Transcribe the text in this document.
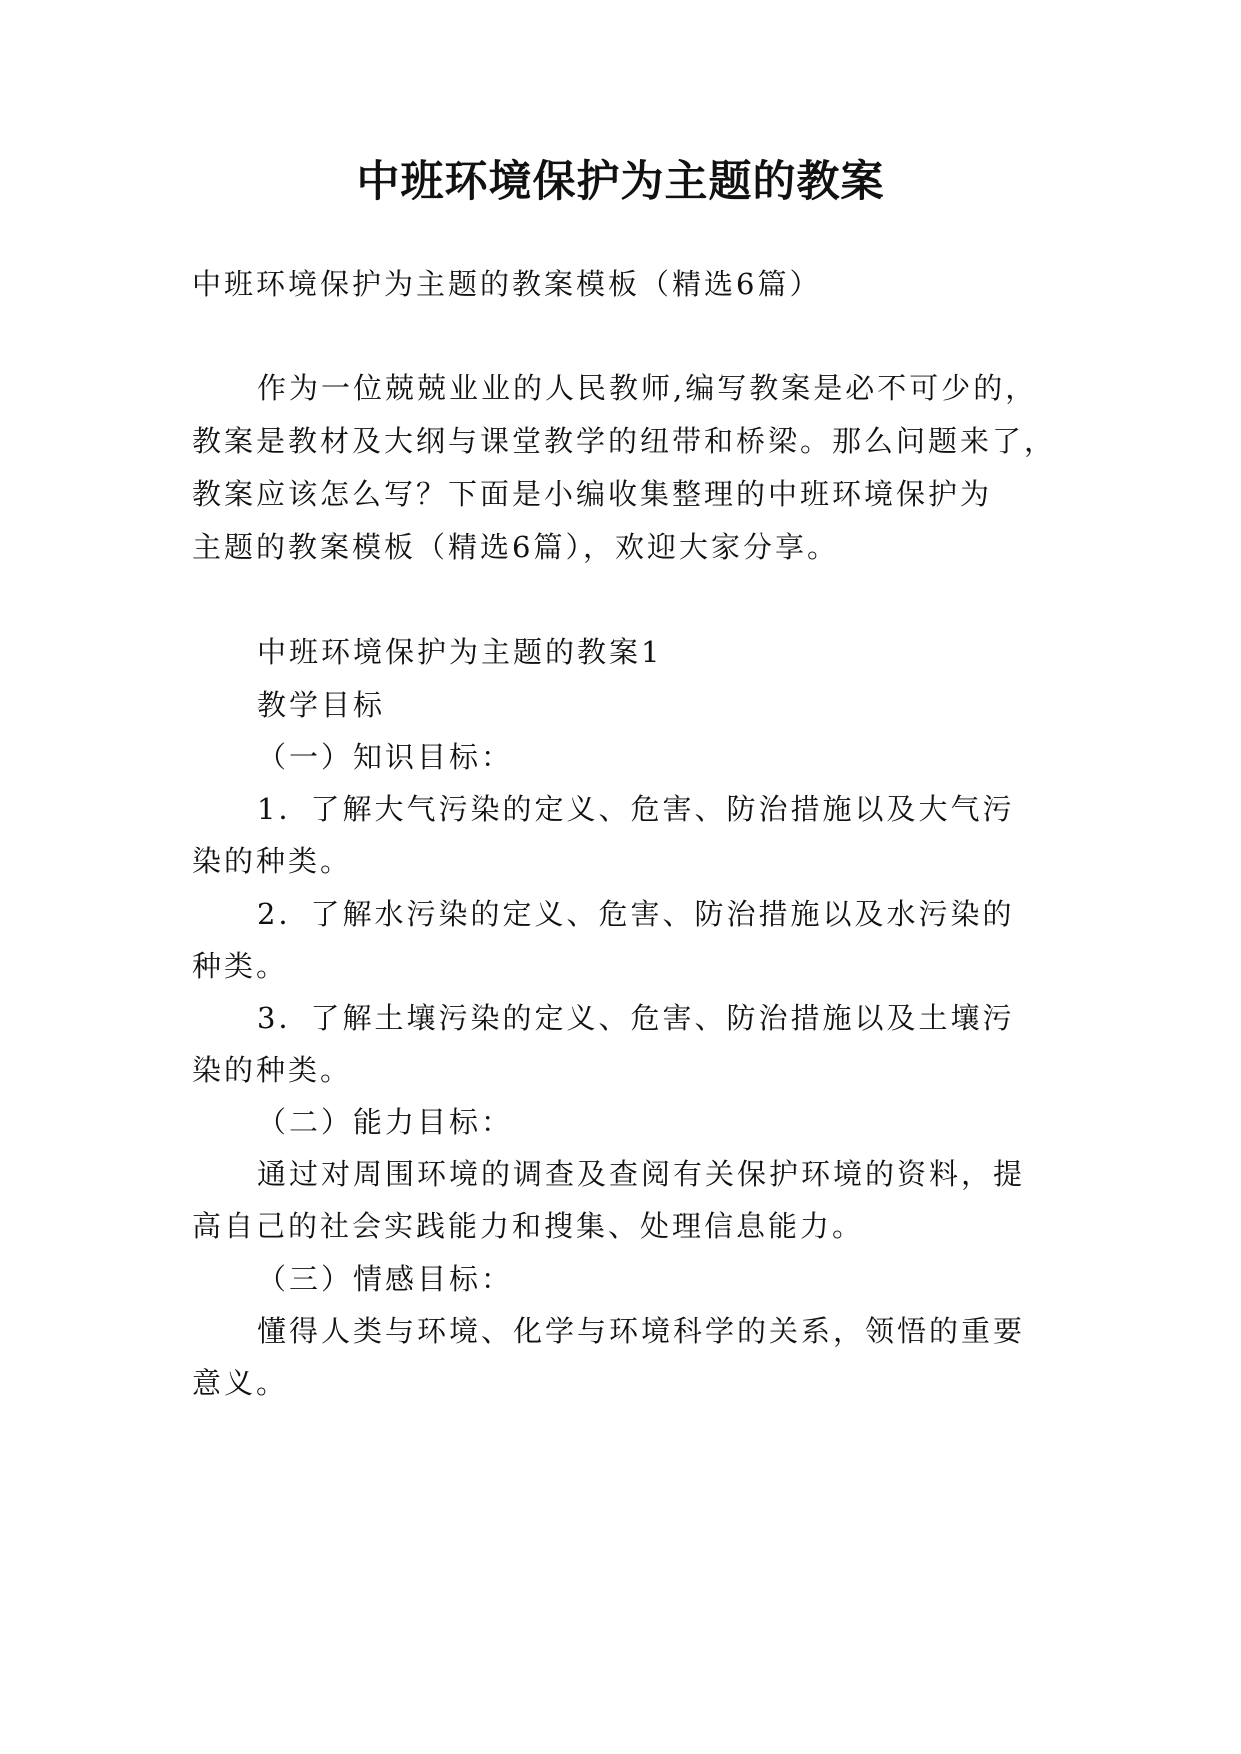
中班环境保护为主题的教案
中班环境保护为主题的教案模板（精选6篇）
作为一位兢兢业业的人民教师,编写教案是必不可少的，
教案是教材及大纲与课堂教学的纽带和桥梁。那么问题来了，
教案应该怎么写？下面是小编收集整理的中班环境保护为
主题的教案模板（精选6篇），欢迎大家分享。
中班环境保护为主题的教案1
教学目标
（一）知识目标：
1．了解大气污染的定义、危害、防治措施以及大气污
染的种类。
2．了解水污染的定义、危害、防治措施以及水污染的
种类。
3．了解土壤污染的定义、危害、防治措施以及土壤污
染的种类。
（二）能力目标：
通过对周围环境的调查及查阅有关保护环境的资料，提
高自己的社会实践能力和搜集、处理信息能力。
（三）情感目标：
懂得人类与环境、化学与环境科学的关系，领悟的重要
意义。
